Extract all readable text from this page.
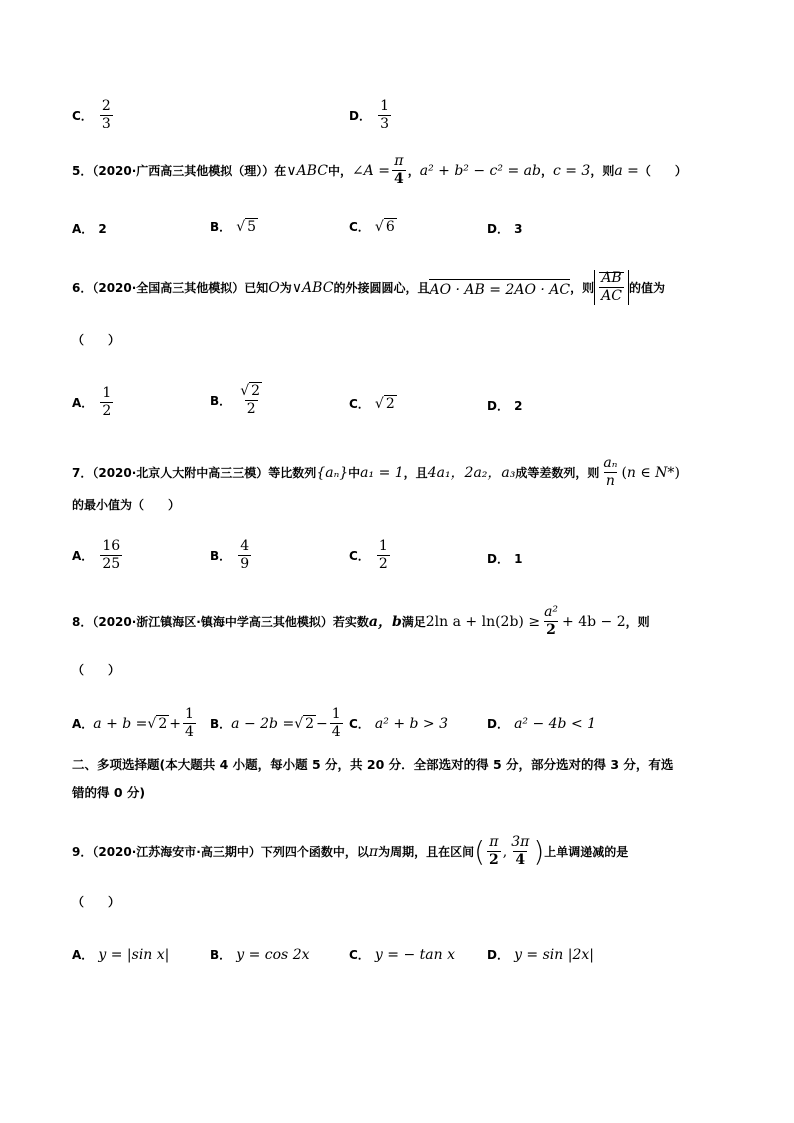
C． $\frac{2}{3}$	D． $\frac{1}{3}$
5．（2020·广西高三其他模拟（理））在 ∨ABC 中， ∠A = $\frac{\pi}{4}$ ， a² + b² − c² = ab ， c = 3 ，则 a = （　　）
A． 2	B． √ 5	C． √ 6	D． 3
6．（2020·全国高三其他模拟）已知 O 为 ∨ABC 的外接圆圆心，且 AO · AB = 2AO · AC ，则 $\frac{AB}{AC}$ 的值为
（　　）
A． $\frac{1}{2}$	B． $\frac{√ 2}{2}$	C． √ 2	D． 2
7．（2020·北京人大附中高三三模）等比数列 {aₙ} 中 a₁ = 1 ，且 4a₁，2a₂，a₃ 成等差数列，则 $\frac{\text{aₙ}}{n}$ ( n ∈ N* )
的最小值为（　　）
A． $\frac{16}{25}$	B． $\frac{4}{9}$	C． $\frac{1}{2}$	D． 1
8．（2020·浙江镇海区·镇海中学高三其他模拟）若实数 a，b 满足 2ln $a + \ln(2b) \ge \frac{\text{a²}}{2} + 4b - 2$ ，则
（　　）
A． a + b = √ $2 + \frac{1}{4}$ B． a − 2b = √ $2 - \frac{1}{4}$ C． a² + b > 3	D． a² − 4b < 1
二、多项选择题(本大题共 4 小题，每小题 5 分，共 20 分．全部选对的得 5 分，部分选对的得 3 分，有选
错的得 0 分)
9．（2020·江苏海安市·高三期中）下列四个函数中，以 π 为周期，且在区间 ( $\frac{\pi}{2}$ , $\frac{3\pi}{4}$ ) 上单调递减的是
（　　）
A． y = |sin x|	B． y = cos 2x	C． y = − tan x	D． y = sin |2x|
